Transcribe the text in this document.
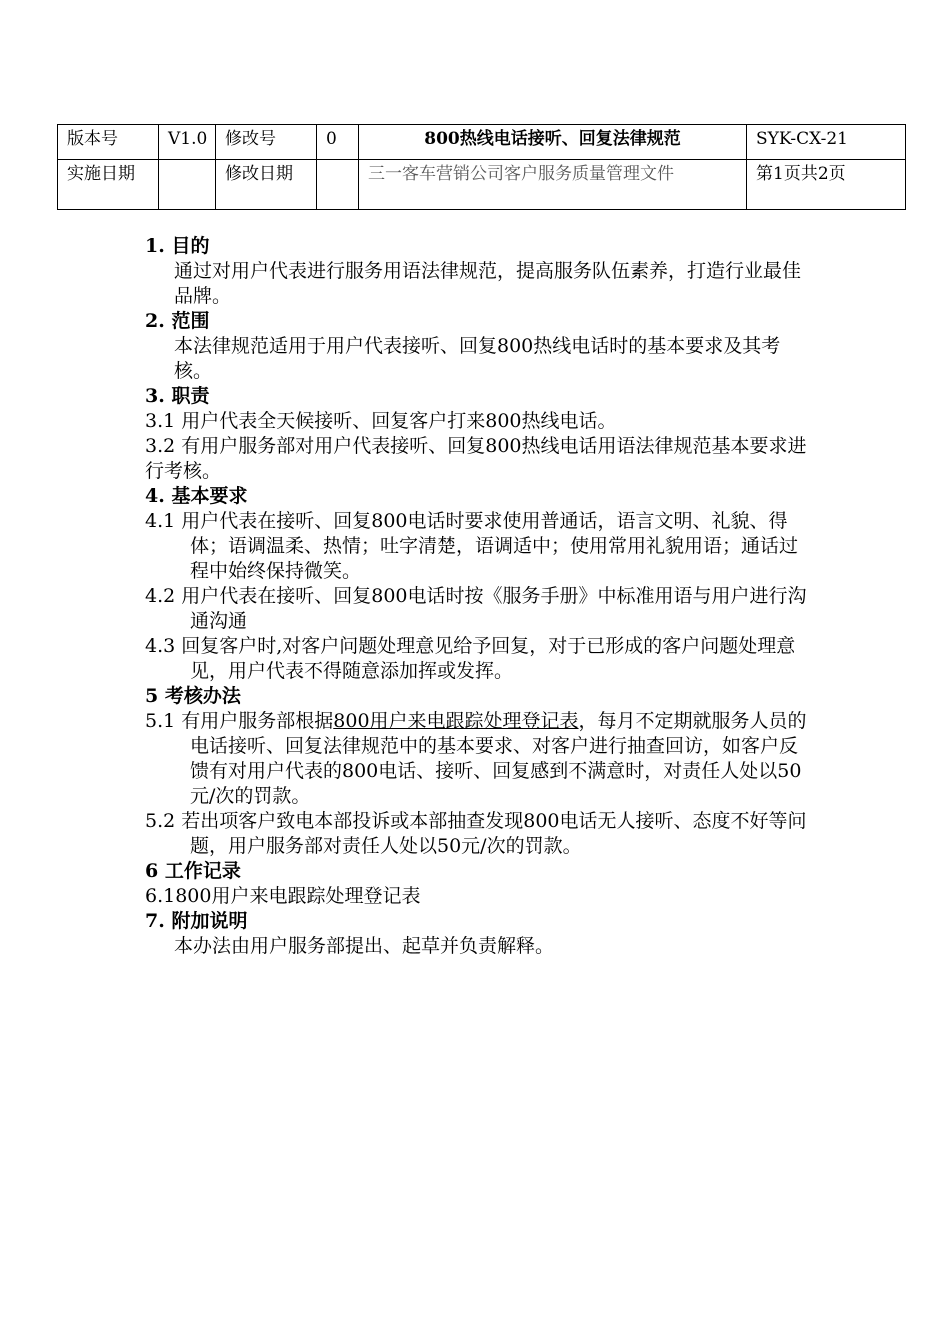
版本号	V1.0	修改号	0	800热线电话接听、回复法律规范	SYK-CX-21
实施日期		修改日期		三一客车营销公司客户服务质量管理文件	第1页共2页

1. 目的

通过对用户代表进行服务用语法律规范，提高服务队伍素养，打造行业最佳品牌。

2. 范围

本法律规范适用于用户代表接听、回复800热线电话时的基本要求及其考核。

3. 职责

3.1 用户代表全天候接听、回复客户打来800热线电话。

3.2 有用户服务部对用户代表接听、回复800热线电话用语法律规范基本要求进行考核。

4. 基本要求

4.1 用户代表在接听、回复800电话时要求使用普通话，语言文明、礼貌、得体；语调温柔、热情；吐字清楚，语调适中；使用常用礼貌用语；通话过程中始终保持微笑。

4.2 用户代表在接听、回复800电话时按《服务手册》中标准用语与用户进行沟通沟通

4.3 回复客户时,对客户问题处理意见给予回复，对于已形成的客户问题处理意见，用户代表不得随意添加挥或发挥。

5 考核办法

5.1 有用户服务部根据800用户来电跟踪处理登记表，每月不定期就服务人员的电话接听、回复法律规范中的基本要求、对客户进行抽查回访，如客户反馈有对用户代表的800电话、接听、回复感到不满意时，对责任人处以50元/次的罚款。

5.2 若出项客户致电本部投诉或本部抽查发现800电话无人接听、态度不好等问题，用户服务部对责任人处以50元/次的罚款。

6 工作记录

6.1800用户来电跟踪处理登记表

7. 附加说明

本办法由用户服务部提出、起草并负责解释。
